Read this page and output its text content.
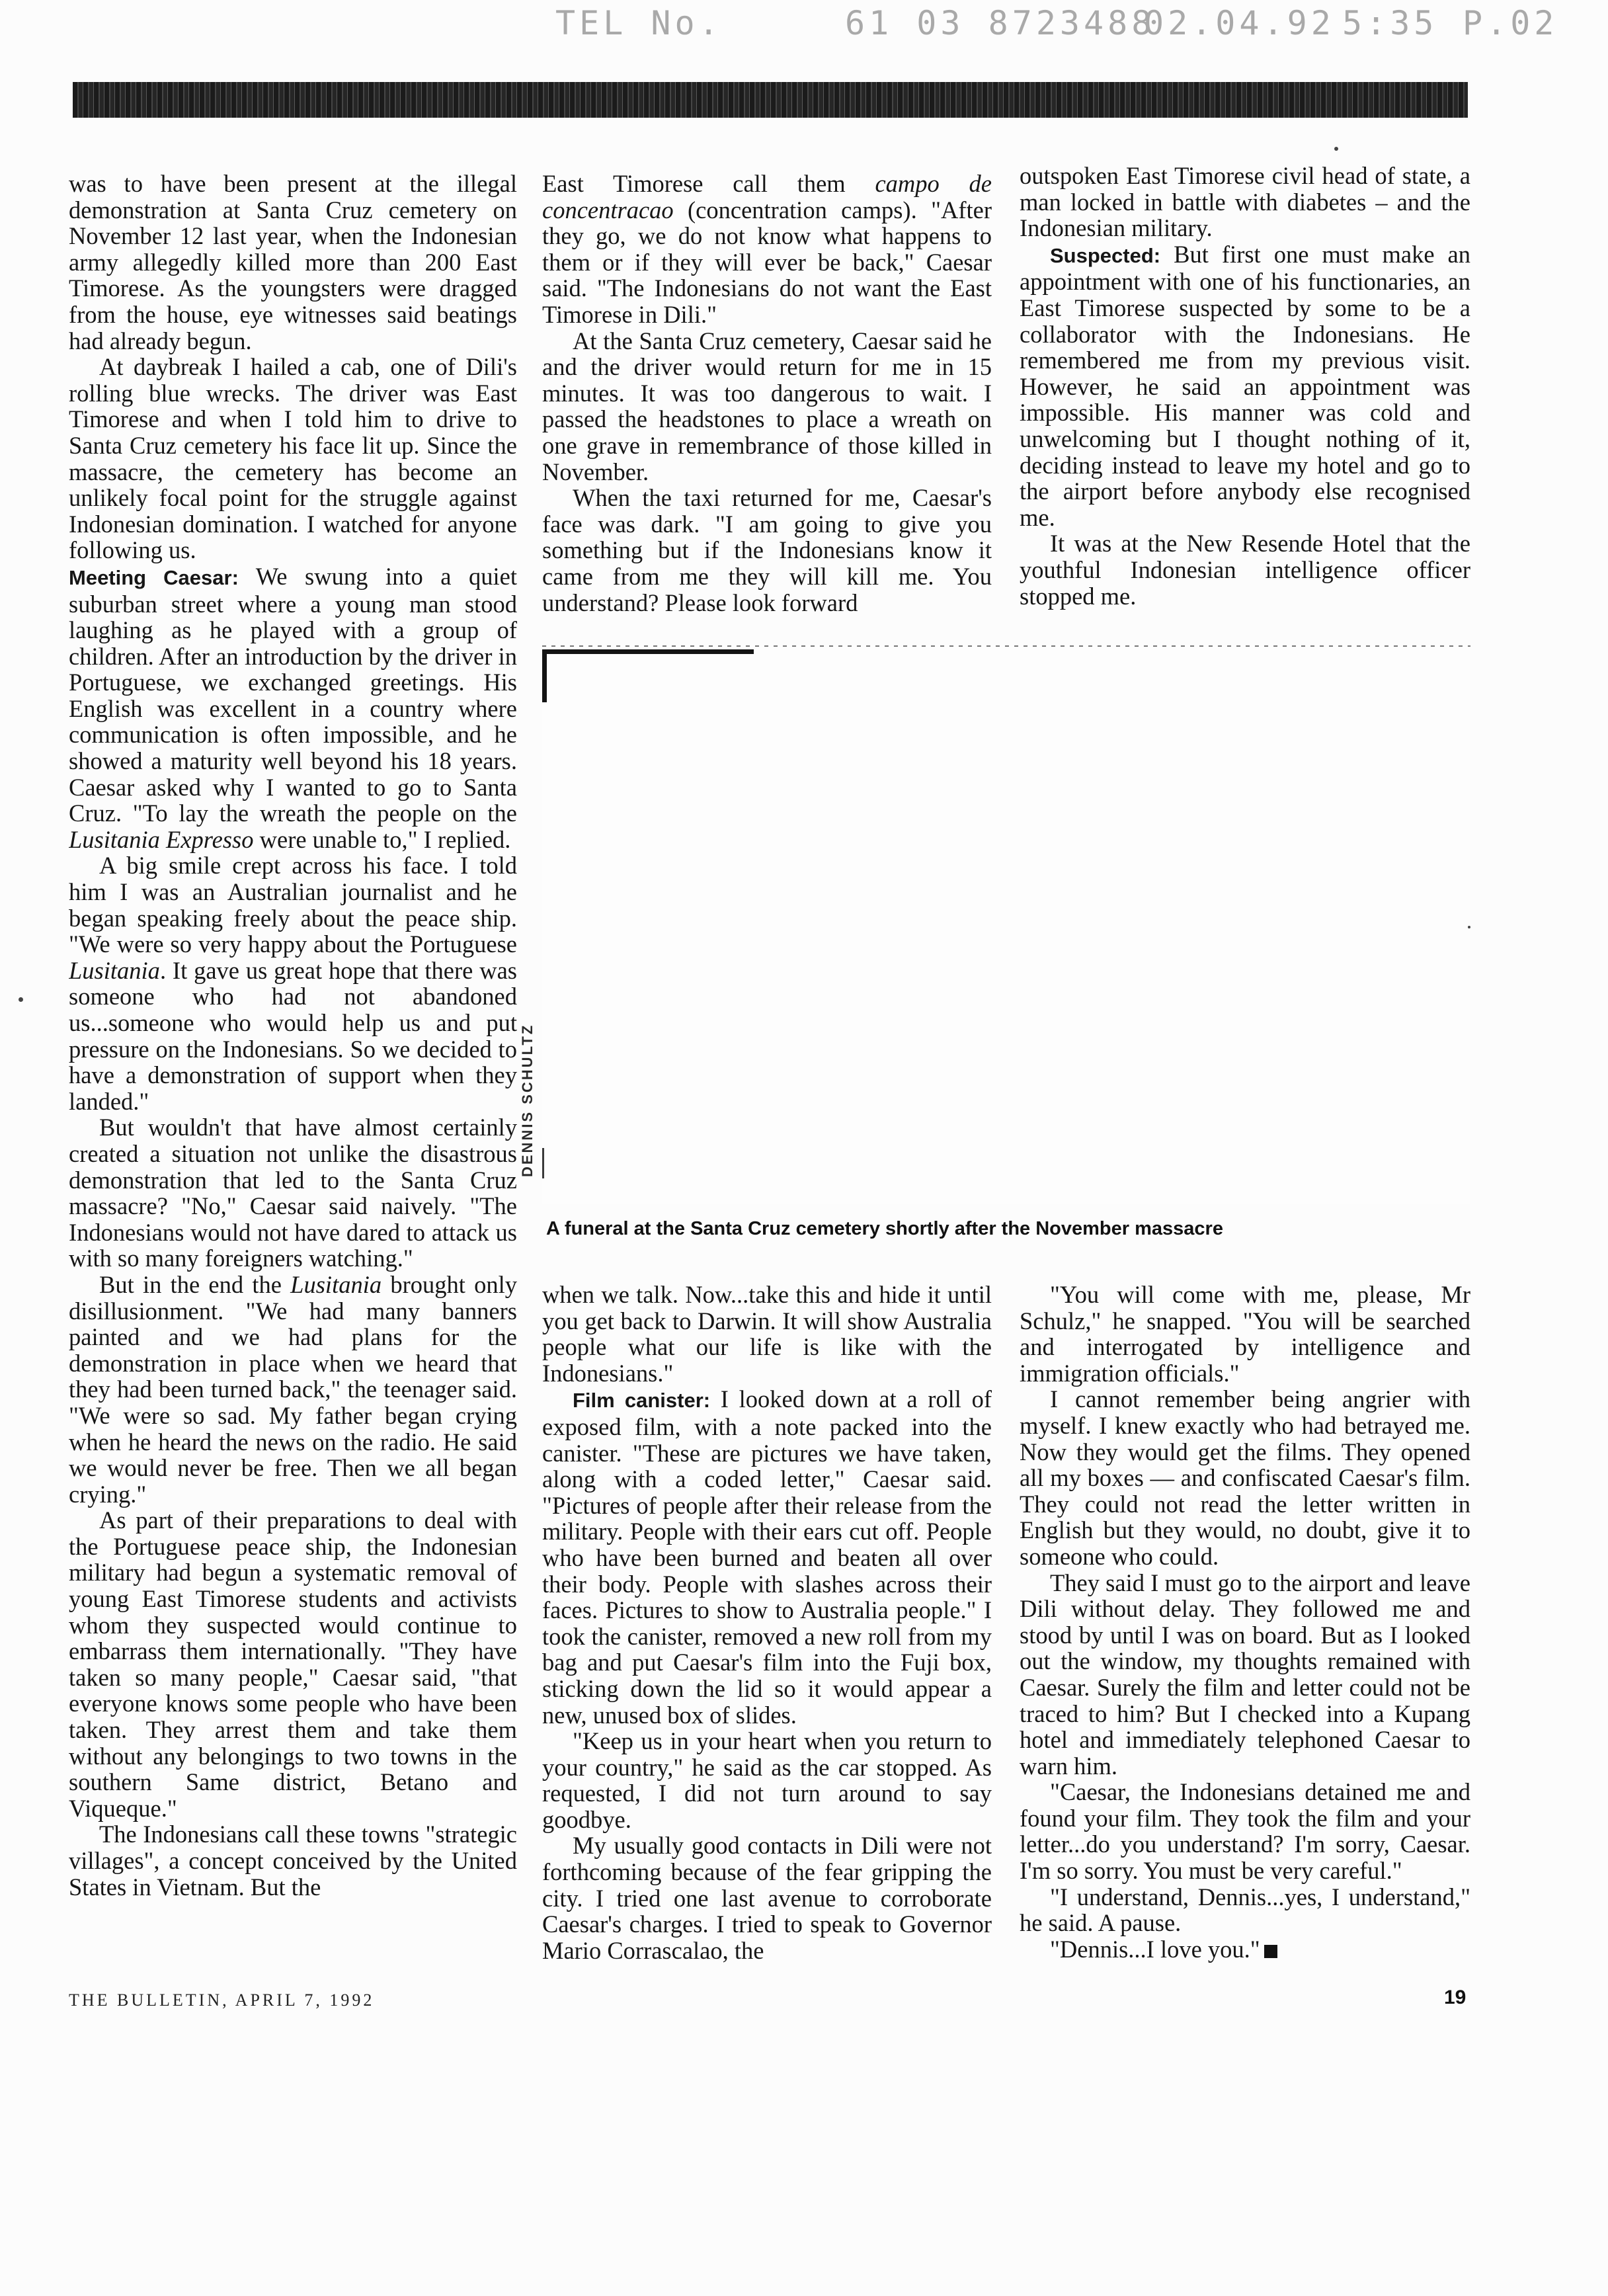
TEL No.	61 03 8723488
02.04.92 5:35 P.02

was to have been present at the illegal demonstration at Santa Cruz cemetery on November 12 last year, when the Indonesian army allegedly killed more than 200 East Timorese. As the youngsters were dragged from the house, eye witnesses said beatings had already begun.

At daybreak I hailed a cab, one of Dili's rolling blue wrecks. The driver was East Timorese and when I told him to drive to Santa Cruz cemetery his face lit up. Since the massacre, the cemetery has become an unlikely focal point for the struggle against Indonesian domination. I watched for anyone following us.

Meeting Caesar: We swung into a quiet suburban street where a young man stood laughing as he played with a group of children. After an introduction by the driver in Portuguese, we exchanged greetings. His English was excellent in a country where communication is often impossible, and he showed a maturity well beyond his 18 years. Caesar asked why I wanted to go to Santa Cruz. "To lay the wreath the people on the Lusitania Expresso were unable to," I replied.

A big smile crept across his face. I told him I was an Australian journalist and he began speaking freely about the peace ship. "We were so very happy about the Portuguese Lusitania. It gave us great hope that there was someone who had not abandoned us...someone who would help us and put pressure on the Indonesians. So we decided to have a demonstration of support when they landed."

But wouldn't that have almost certainly created a situation not unlike the disastrous demonstration that led to the Santa Cruz massacre? "No," Caesar said naively. "The Indonesians would not have dared to attack us with so many foreigners watching."

But in the end the Lusitania brought only disillusionment. "We had many banners painted and we had plans for the demonstration in place when we heard that they had been turned back," the teenager said. "We were so sad. My father began crying when he heard the news on the radio. He said we would never be free. Then we all began crying."

As part of their preparations to deal with the Portuguese peace ship, the Indonesian military had begun a systematic removal of young East Timorese students and activists whom they suspected would continue to embarrass them internationally. "They have taken so many people," Caesar said, "that everyone knows some people who have been taken. They arrest them and take them without any belongings to two towns in the southern Same district, Betano and Viqueque."

The Indonesians call these towns "strategic villages", a concept conceived by the United States in Vietnam. But the

East Timorese call them campo de concentracao (concentration camps). "After they go, we do not know what happens to them or if they will ever be back," Caesar said. "The Indonesians do not want the East Timorese in Dili."

At the Santa Cruz cemetery, Caesar said he and the driver would return for me in 15 minutes. It was too dangerous to wait. I passed the headstones to place a wreath on one grave in remembrance of those killed in November.

When the taxi returned for me, Caesar's face was dark. "I am going to give you something but if the Indonesians know it came from me they will kill me. You understand? Please look forward

outspoken East Timorese civil head of state, a man locked in battle with diabetes – and the Indonesian military.

Suspected: But first one must make an appointment with one of his functionaries, an East Timorese suspected by some to be a collaborator with the Indonesians. He remembered me from my previous visit. However, he said an appointment was impossible. His manner was cold and unwelcoming but I thought nothing of it, deciding instead to leave my hotel and go to the airport before anybody else recognised me.

It was at the New Resende Hotel that the youthful Indonesian intelligence officer stopped me.

DENNIS SCHULTZ
A funeral at the Santa Cruz cemetery shortly after the November massacre

when we talk. Now...take this and hide it until you get back to Darwin. It will show Australia people what our life is like with the Indonesians."

Film canister: I looked down at a roll of exposed film, with a note packed into the canister. "These are pictures we have taken, along with a coded letter," Caesar said. "Pictures of people after their release from the military. People with their ears cut off. People who have been burned and beaten all over their body. People with slashes across their faces. Pictures to show to Australia people." I took the canister, removed a new roll from my bag and put Caesar's film into the Fuji box, sticking down the lid so it would appear a new, unused box of slides.

"Keep us in your heart when you return to your country," he said as the car stopped. As requested, I did not turn around to say goodbye.

My usually good contacts in Dili were not forthcoming because of the fear gripping the city. I tried one last avenue to corroborate Caesar's charges. I tried to speak to Governor Mario Corrascalao, the

"You will come with me, please, Mr Schulz," he snapped. "You will be searched and interrogated by intelligence and immigration officials."

I cannot remember being angrier with myself. I knew exactly who had betrayed me. Now they would get the films. They opened all my boxes — and confiscated Caesar's film. They could not read the letter written in English but they would, no doubt, give it to someone who could.

They said I must go to the airport and leave Dili without delay. They followed me and stood by until I was on board. But as I looked out the window, my thoughts remained with Caesar. Surely the film and letter could not be traced to him? But I checked into a Kupang hotel and immediately telephoned Caesar to warn him.

"Caesar, the Indonesians detained me and found your film. They took the film and your letter...do you understand? I'm sorry, Caesar. I'm so sorry. You must be very careful."

"I understand, Dennis...yes, I understand," he said. A pause.

"Dennis...I love you."

THE BULLETIN, APRIL 7, 1992	19
